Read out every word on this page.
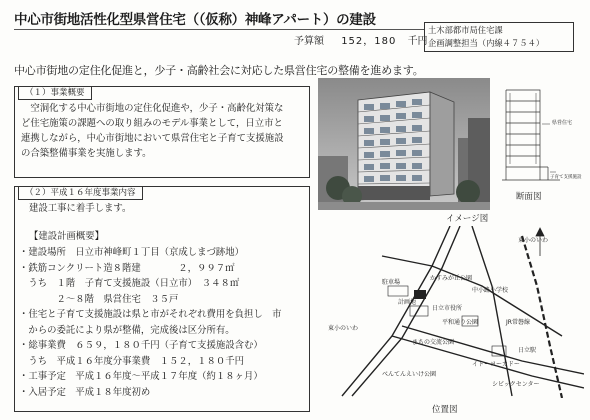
中心市街地活性化型県営住宅（（仮称）神峰アパート）の建設
予算額 152，180 千円
土木部都市局住宅課
企画調整担当（内線４７５４）
中心市街地の定住化促進と，少子・高齢社会に対応した県営住宅の整備を進めます。
（１）事業概要
　空洞化する中心市街地の定住化促進や，少子・高齢化対策な
ど住宅施策の課題への取り組みのモデル事業として，日立市と
連携しながら，中心市街地において県営住宅と子育て支援施設
の合築整備事業を実施します。
県営住宅
子育て支援施設
イメージ図
断面図
（２）平成１６年度事業内容
建設工事に着手します。
【建設計画概要】
・建設場所　日立市神峰町１丁目（京成しまづ跡地）
・鉄筋コンクリート造８階建　　　　２，９９７㎡
　うち　１階　子育て支援施設（日立市）　３４８㎡
　　　　２～８階　県営住宅　３５戸
・住宅と子育て支援施設は県と市がそれぞれ費用を負担し　市
　からの委託により県が整備，完成後は区分所有。
・総事業費　６５９，１８０千円（子育て支援施設含む）
　うち　平成１６年度分事業費　１５２，１８０千円
・工事予定　平成１６年度～平成１７年度（約１８ヶ月）
・入居予定　平成１８年度初め
かすみが丘公園
駐車場
計画地
日立市役所
中小路小学校
平和通り公園
まちの交流公園
べんてんえいけ公園
JR常磐線
日立駅
イトーヨーカドー
シビックセンター
東小のいわ
東小のいわ
位置図
